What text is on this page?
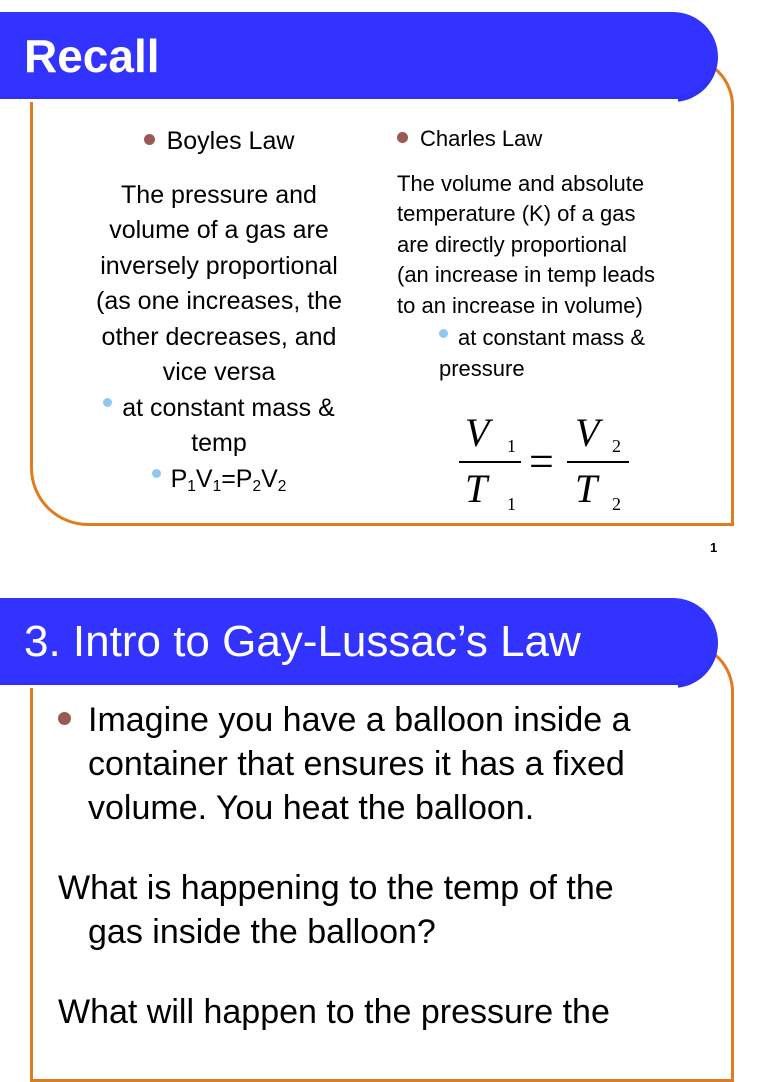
Recall
Boyles Law
The pressure and
volume of a gas are
inversely proportional
(as one increases, the
other decreases, and
vice versa
at constant mass &
temp
$P_1V_1=P_2V_2$
Charles Law
The volume and absolute
temperature (K) of a gas
are directly proportional
(an increase in temp leads
to an increase in volume)
at constant mass &
pressure
V
T
V
T
1
1
2
2
=
1
3. Intro to Gay-Lussac’s Law
Imagine you have a balloon inside a
container that ensures it has a fixed
volume. You heat the balloon.
What is happening to the temp of the
gas inside the balloon?
What will happen to the pressure the
